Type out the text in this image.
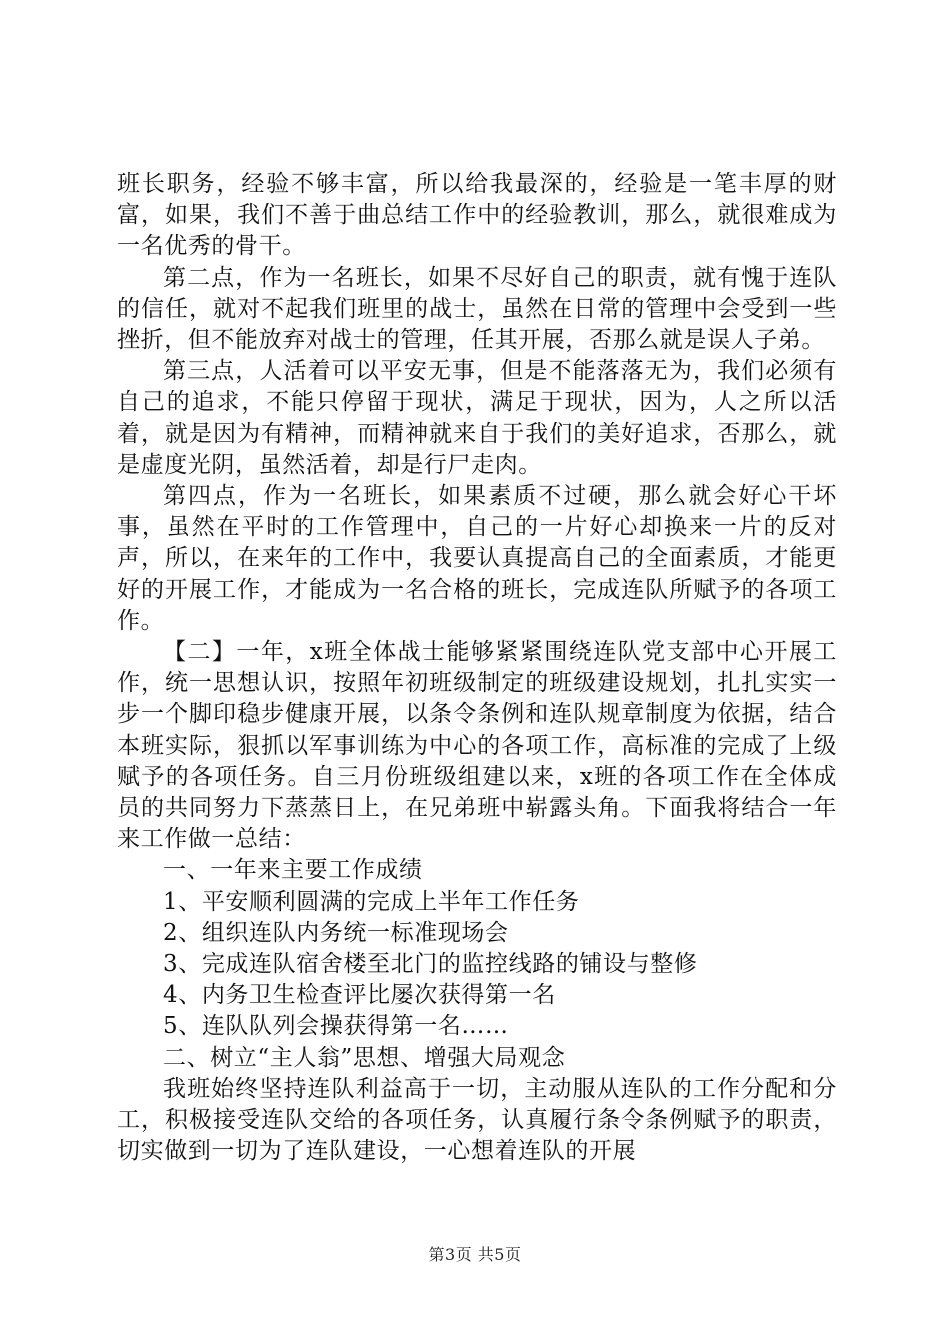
班长职务，经验不够丰富，所以给我最深的，经验是一笔丰厚的财富，如果，我们不善于曲总结工作中的经验教训，那么，就很难成为一名优秀的骨干。

第二点，作为一名班长，如果不尽好自己的职责，就有愧于连队的信任，就对不起我们班里的战士，虽然在日常的管理中会受到一些挫折，但不能放弃对战士的管理，任其开展，否那么就是误人子弟。

第三点，人活着可以平安无事，但是不能落落无为，我们必须有自己的追求，不能只停留于现状，满足于现状，因为，人之所以活着，就是因为有精神，而精神就来自于我们的美好追求，否那么，就是虚度光阴，虽然活着，却是行尸走肉。

第四点，作为一名班长，如果素质不过硬，那么就会好心干坏事，虽然在平时的工作管理中，自己的一片好心却换来一片的反对声，所以，在来年的工作中，我要认真提高自己的全面素质，才能更好的开展工作，才能成为一名合格的班长，完成连队所赋予的各项工作。

【二】一年，x班全体战士能够紧紧围绕连队党支部中心开展工作，统一思想认识，按照年初班级制定的班级建设规划，扎扎实实一步一个脚印稳步健康开展，以条令条例和连队规章制度为依据，结合本班实际，狠抓以军事训练为中心的各项工作，高标准的完成了上级赋予的各项任务。自三月份班级组建以来，x班的各项工作在全体成员的共同努力下蒸蒸日上，在兄弟班中崭露头角。下面我将结合一年来工作做一总结：

一、一年来主要工作成绩

1、平安顺利圆满的完成上半年工作任务

2、组织连队内务统一标准现场会

3、完成连队宿舍楼至北门的监控线路的铺设与整修

4、内务卫生检查评比屡次获得第一名

5、连队队列会操获得第一名……

二、树立“主人翁”思想、增强大局观念

我班始终坚持连队利益高于一切，主动服从连队的工作分配和分工，积极接受连队交给的各项任务，认真履行条令条例赋予的职责，切实做到一切为了连队建设，一心想着连队的开展

第3页 共5页
